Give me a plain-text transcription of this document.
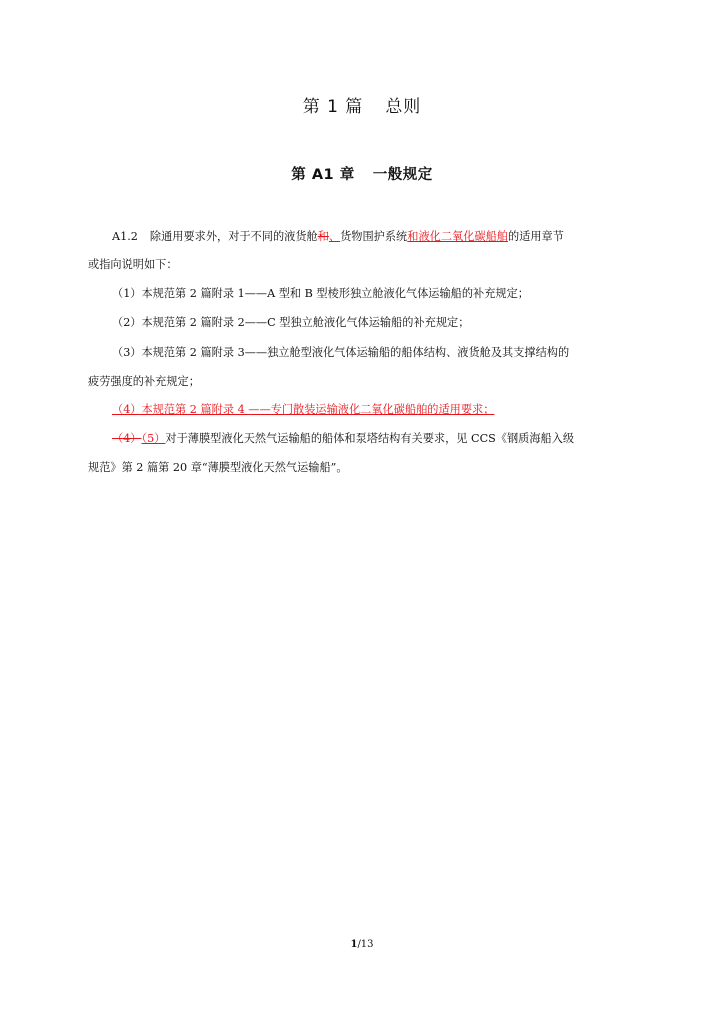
第 1 篇 总则
第 A1 章 一般规定
A1.2 除通用要求外，对于不同的液货舱和、货物围护系统和液化二氧化碳船舶的适用章节
或指向说明如下：
（1）本规范第 2 篇附录 1——A 型和 B 型棱形独立舱液化气体运输船的补充规定；
（2）本规范第 2 篇附录 2——C 型独立舱液化气体运输船的补充规定；
（3）本规范第 2 篇附录 3——独立舱型液化气体运输船的船体结构、液货舱及其支撑结构的
疲劳强度的补充规定；
（4）本规范第 2 篇附录 4 ——专门散装运输液化二氧化碳船舶的适用要求；
（4）（5）对于薄膜型液化天然气运输船的船体和泵塔结构有关要求，见 CCS《钢质海船入级
规范》第 2 篇第 20 章“薄膜型液化天然气运输船”。
1/13
